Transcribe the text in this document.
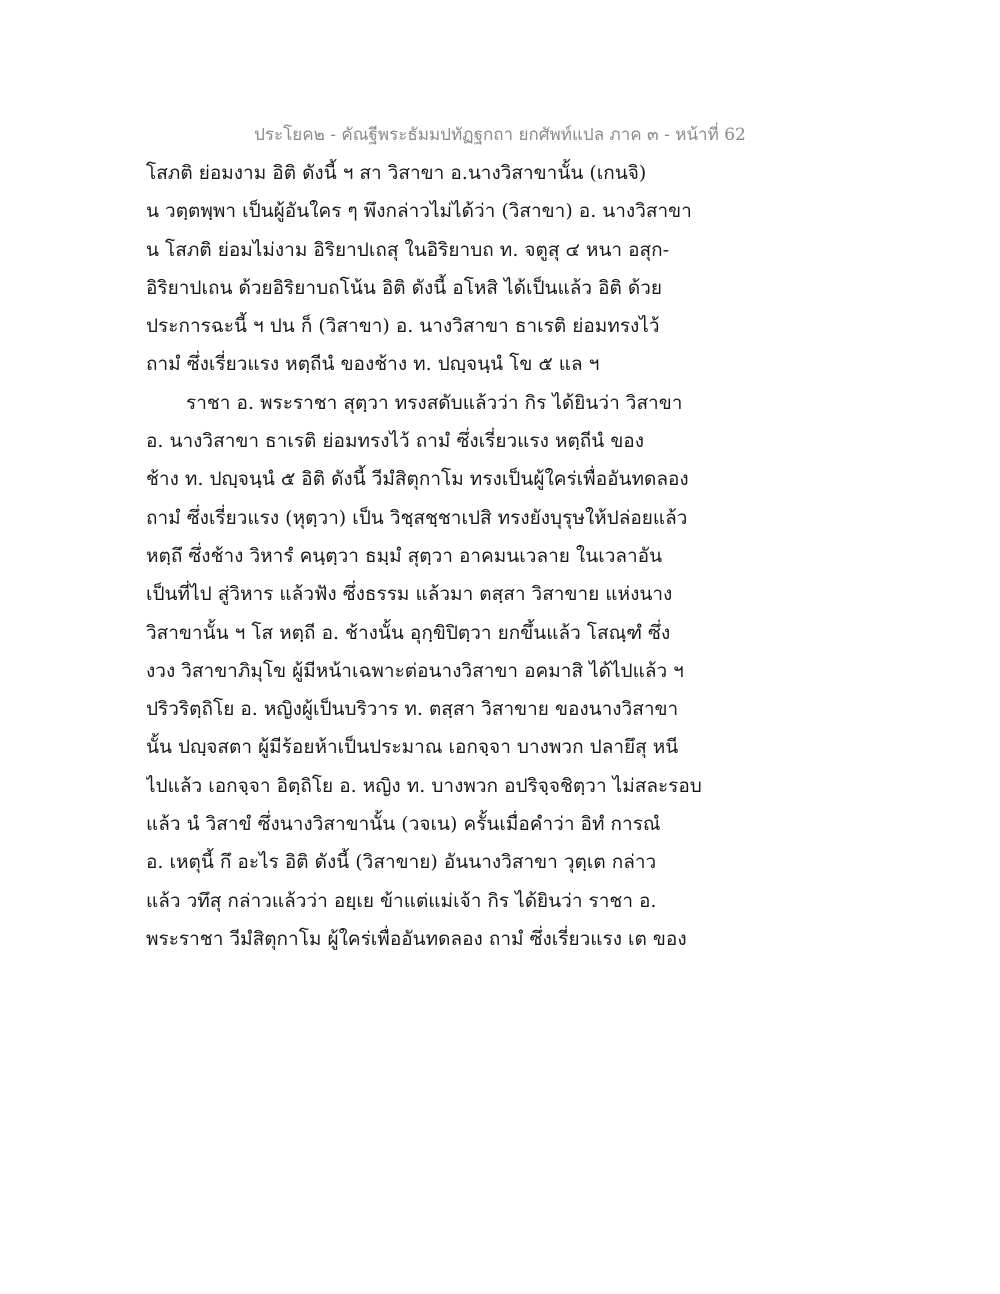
ประโยค๒ - คัณฐีพระธัมมปทัฏฐกถา ยกศัพท์แปล ภาค ๓ - หน้าที่ 62
โสภติ ย่อมงาม อิติ ดังนี้ ฯ สา วิสาขา อ.นางวิสาขานั้น (เกนจิ)
น วตฺตพฺพา เป็นผู้อันใคร ๆ พึงกล่าวไม่ได้ว่า (วิสาขา) อ. นางวิสาขา
น โสภติ ย่อมไม่งาม อิริยาปเถสุ ในอิริยาบถ ท. จตูสุ ๔ หนา อสุก-
อิริยาปเถน ด้วยอิริยาบถโน้น อิติ ดังนี้ อโหสิ ได้เป็นแล้ว อิติ ด้วย
ประการฉะนี้ ฯ ปน ก็ (วิสาขา) อ. นางวิสาขา ธาเรติ ย่อมทรงไว้
ถามํ ซึ่งเรี่ยวแรง หตฺถีนํ ของช้าง ท. ปญฺจนฺนํ โข ๕ แล ฯ
ราชา อ. พระราชา สุตฺวา ทรงสดับแล้วว่า กิร ได้ยินว่า วิสาขา
อ. นางวิสาขา ธาเรติ ย่อมทรงไว้ ถามํ ซึ่งเรี่ยวแรง หตฺถีนํ ของ
ช้าง ท. ปญฺจนฺนํ ๕ อิติ ดังนี้ วีมํสิตุกาโม ทรงเป็นผู้ใคร่เพื่ออันทดลอง
ถามํ ซึ่งเรี่ยวแรง (หุตฺวา) เป็น วิชฺสชฺชาเปสิ ทรงยังบุรุษให้ปล่อยแล้ว
หตฺถึ ซึ่งช้าง วิหารํ คนฺตฺวา ธมฺมํ สุตฺวา อาคมนเวลาย ในเวลาอัน
เป็นที่ไป สู่วิหาร แล้วฟัง ซึ่งธรรม แล้วมา ตสฺสา วิสาขาย แห่งนาง
วิสาขานั้น ฯ โส หตฺถี อ. ช้างนั้น อุกฺขิปิตฺวา ยกขึ้นแล้ว โสณฺฑํ ซึ่ง
งวง วิสาขาภิมุโข ผู้มีหน้าเฉพาะต่อนางวิสาขา อคมาสิ ได้ไปแล้ว ฯ
ปริวริตฺถิโย อ. หญิงผู้เป็นบริวาร ท. ตสฺสา วิสาขาย ของนางวิสาขา
นั้น ปญฺจสตา ผู้มีร้อยห้าเป็นประมาณ เอกจฺจา บางพวก ปลายึสุ หนี
ไปแล้ว เอกจฺจา อิตฺถิโย อ. หญิง ท. บางพวก อปริจฺจชิตฺวา ไม่สละรอบ
แล้ว นํ วิสาขํ ซึ่งนางวิสาขานั้น (วจเน) ครั้นเมื่อคำว่า อิทํ การณํ
อ. เหตุนี้ กึ อะไร อิติ ดังนี้ (วิสาขาย) อันนางวิสาขา วุตฺเต กล่าว
แล้ว วทึสุ กล่าวแล้วว่า อยฺเย ข้าแต่แม่เจ้า กิร ได้ยินว่า ราชา อ.
พระราชา วีมํสิตุกาโม ผู้ใคร่เพื่ออันทดลอง ถามํ ซึ่งเรี่ยวแรง เต ของ
